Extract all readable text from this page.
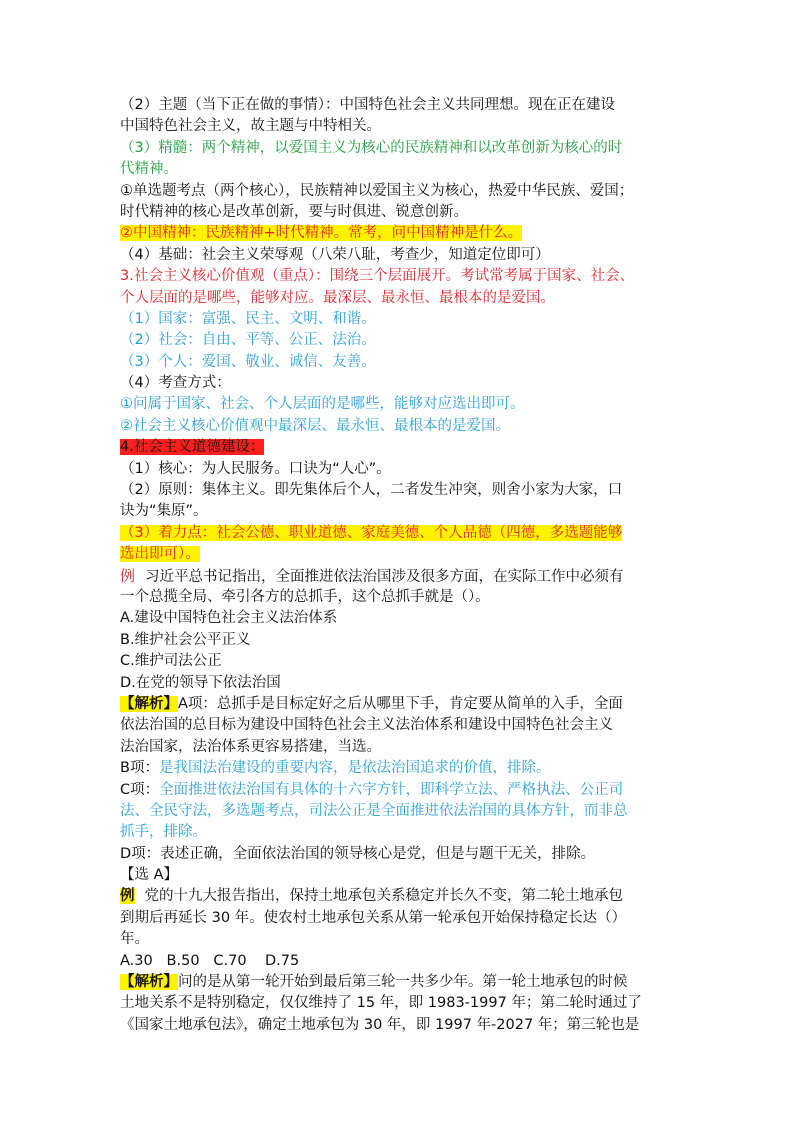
（2）主题（当下正在做的事情）：中国特色社会主义共同理想。现在正在建设
中国特色社会主义，故主题与中特相关。
（3）精髓：两个精神，以爱国主义为核心的民族精神和以改革创新为核心的时
代精神。
①单选题考点（两个核心），民族精神以爱国主义为核心，热爱中华民族、爱国；
时代精神的核心是改革创新，要与时俱进、锐意创新。
②中国精神：民族精神+时代精神。常考，问中国精神是什么。
（4）基础：社会主义荣辱观（八荣八耻，考查少，知道定位即可）
3.社会主义核心价值观（重点）：围绕三个层面展开。考试常考属于国家、社会、
个人层面的是哪些，能够对应。最深层、最永恒、最根本的是爱国。
（1）国家：富强、民主、文明、和谐。
（2）社会：自由、平等、公正、法治。
（3）个人：爱国、敬业、诚信、友善。
（4）考查方式：
①问属于国家、社会、个人层面的是哪些，能够对应选出即可。
②社会主义核心价值观中最深层、最永恒、最根本的是爱国。
4.社会主义道德建设：
（1）核心：为人民服务。口诀为“人心”。
（2）原则：集体主义。即先集体后个人，二者发生冲突，则舍小家为大家，口
诀为“集原”。
（3）着力点：社会公德、职业道德、家庭美德、个人品德（四德，多选题能够
选出即可）。
例 习近平总书记指出，全面推进依法治国涉及很多方面，在实际工作中必须有
一个总揽全局、牵引各方的总抓手，这个总抓手就是（）。
A.建设中国特色社会主义法治体系
B.维护社会公平正义
C.维护司法公正
D.在党的领导下依法治国
【解析】A项：总抓手是目标定好之后从哪里下手，肯定要从简单的入手，全面
依法治国的总目标为建设中国特色社会主义法治体系和建设中国特色社会主义
法治国家，法治体系更容易搭建，当选。
B项：是我国法治建设的重要内容，是依法治国追求的价值，排除。
C项：全面推进依法治国有具体的十六字方针，即科学立法、严格执法、公正司
法、全民守法，多选题考点，司法公正是全面推进依法治国的具体方针，而非总
抓手，排除。
D项：表述正确，全面依法治国的领导核心是党，但是与题干无关，排除。
【选 A】
例 党的十九大报告指出，保持土地承包关系稳定并长久不变，第二轮土地承包
到期后再延长 30 年。使农村土地承包关系从第一轮承包开始保持稳定长达（）
年。
A.30   B.50   C.70    D.75
【解析】问的是从第一轮开始到最后第三轮一共多少年。第一轮土地承包的时候
土地关系不是特别稳定，仅仅维持了 15 年，即 1983-1997 年；第二轮时通过了
《国家土地承包法》，确定土地承包为 30 年，即 1997 年-2027 年；第三轮也是
